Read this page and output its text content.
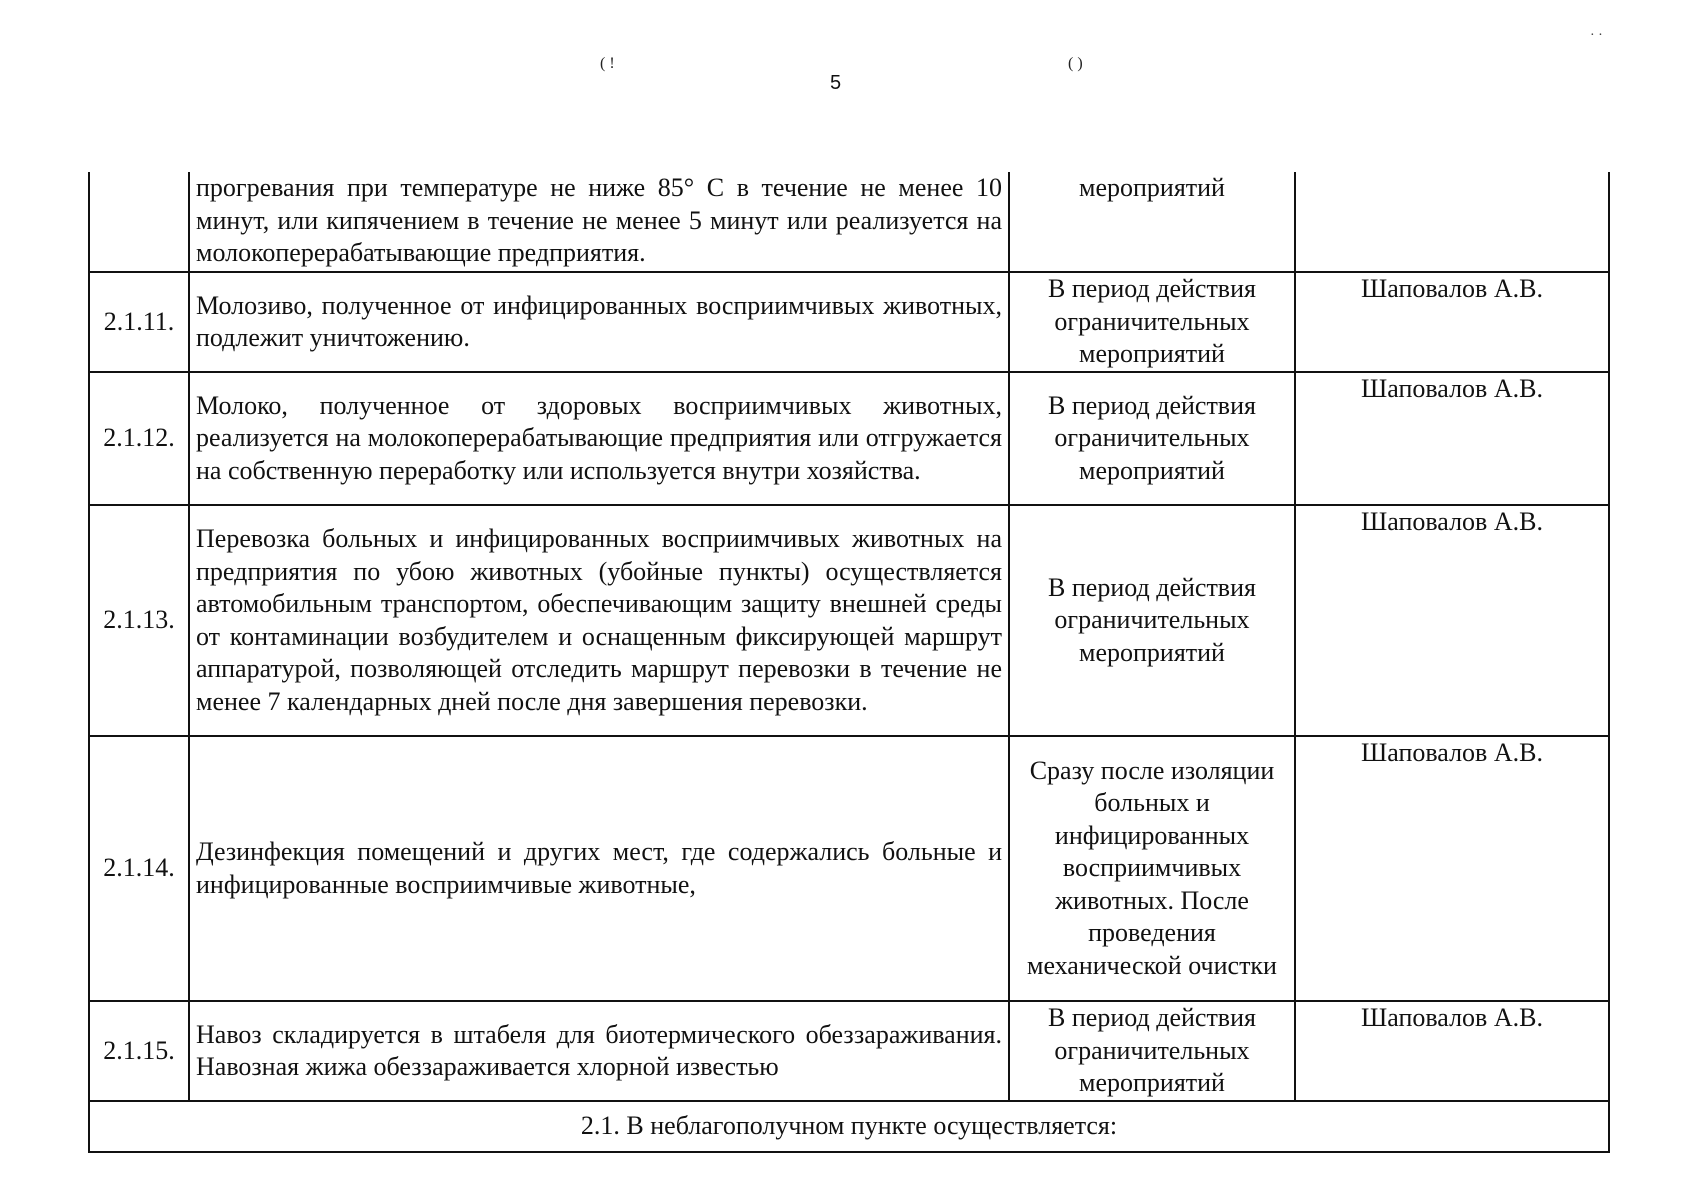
( !	( )
5
· ·
	прогревания при температуре не ниже 85° С в течение не менее 10 минут, или кипячением в течение не менее 5 минут или реализуется на молокоперерабатывающие предприятия.	мероприятий	
2.1.11.	Молозиво, полученное от инфицированных восприимчивых животных, подлежит уничтожению.	В период действия ограничительных мероприятий	Шаповалов А.В.
2.1.12.	Молоко, полученное от здоровых восприимчивых животных, реализуется на молокоперерабатывающие предприятия или отгружается на собственную переработку или используется внутри хозяйства.	В период действия ограничительных мероприятий	Шаповалов А.В.
2.1.13.	Перевозка больных и инфицированных восприимчивых животных на предприятия по убою животных (убойные пункты) осуществляется автомобильным транспортом, обеспечивающим защиту внешней среды от контаминации возбудителем и оснащенным фиксирующей маршрут аппаратурой, позволяющей отследить маршрут перевозки в течение не менее 7 календарных дней после дня завершения перевозки.	В период действия ограничительных мероприятий	Шаповалов А.В.
2.1.14.	Дезинфекция помещений и других мест, где содержались больные и инфицированные восприимчивые животные,	Сразу после изоляции больных и инфицированных восприимчивых животных. После проведения механической очистки	Шаповалов А.В.
2.1.15.	Навоз складируется в штабеля для биотермического обеззараживания. Навозная жижа обеззараживается хлорной известью	В период действия ограничительных мероприятий	Шаповалов А.В.
2.1. В неблагополучном пункте осуществляется:			
